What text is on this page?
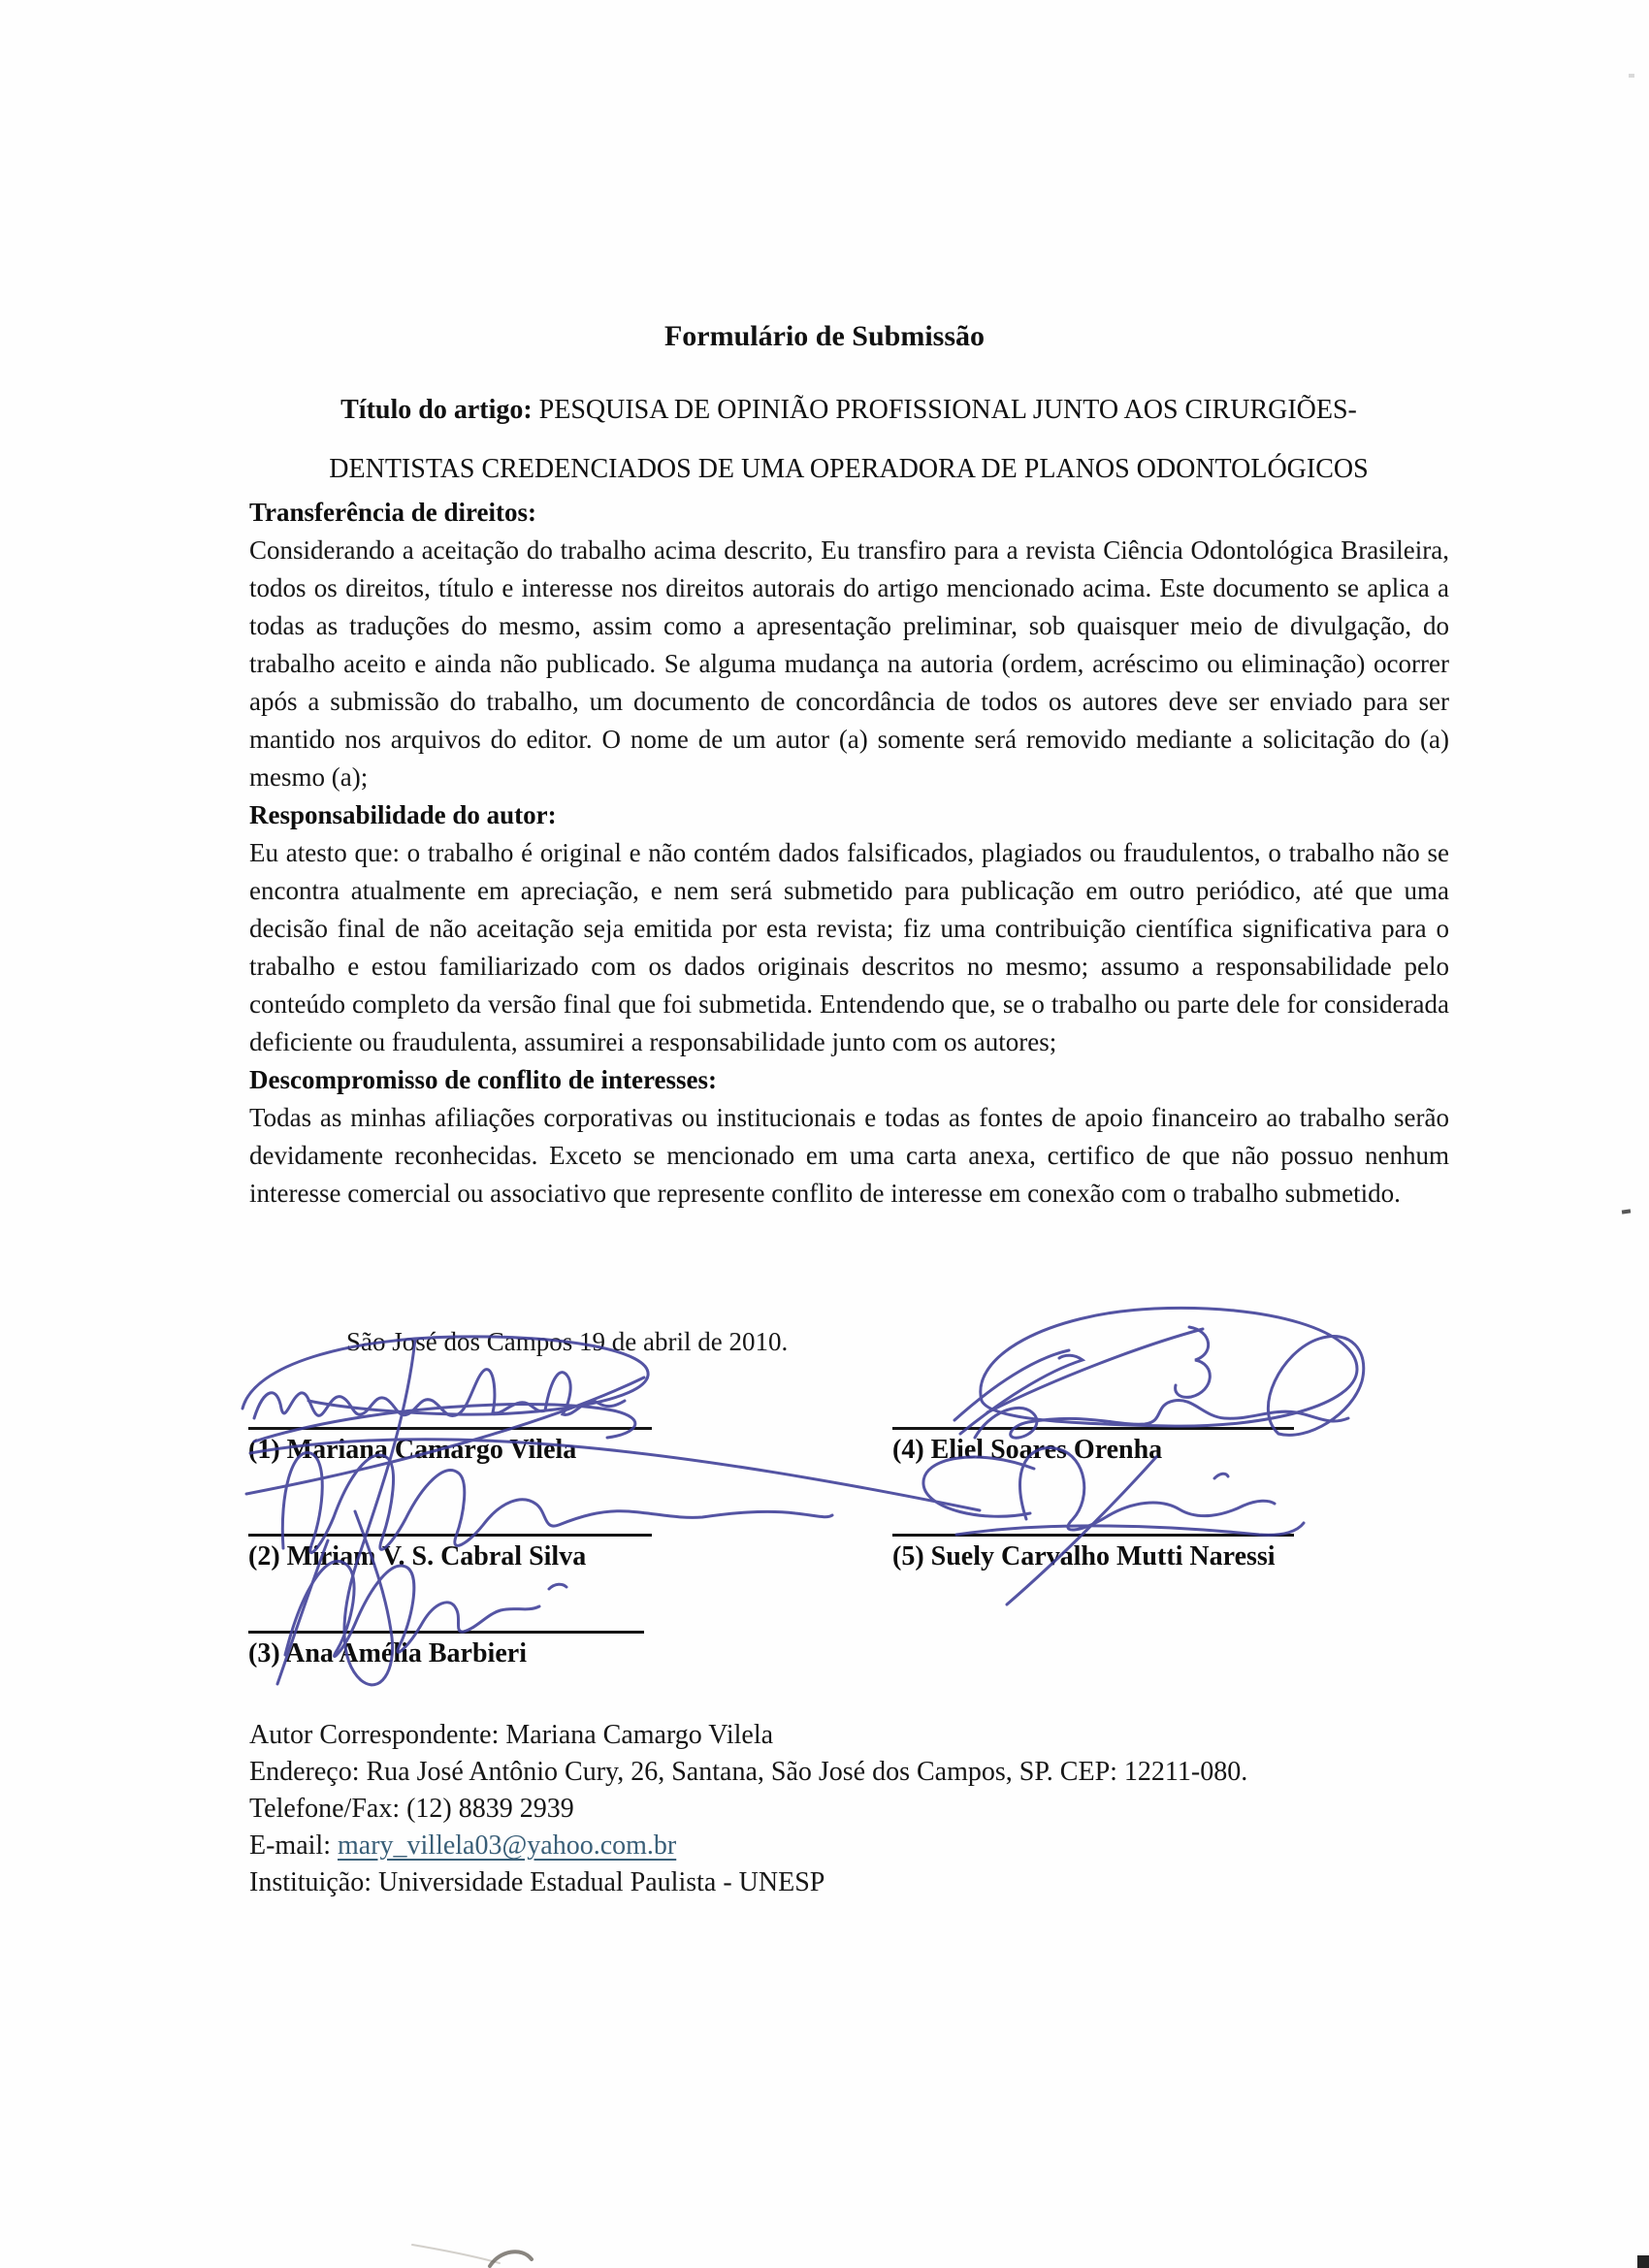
Formulário de Submissão
Título do artigo: PESQUISA DE OPINIÃO PROFISSIONAL JUNTO AOS CIRURGIÕES-
DENTISTAS CREDENCIADOS DE UMA OPERADORA DE PLANOS ODONTOLÓGICOS
Transferência de direitos:
Considerando a aceitação do trabalho acima descrito, Eu transfiro para a revista Ciência Odontológica Brasileira, todos os direitos, título e interesse nos direitos autorais do artigo mencionado acima. Este documento se aplica a todas as traduções do mesmo, assim como a apresentação preliminar, sob quaisquer meio de divulgação, do trabalho aceito e ainda não publicado. Se alguma mudança na autoria (ordem, acréscimo ou eliminação) ocorrer após a submissão do trabalho, um documento de concordância de todos os autores deve ser enviado para ser mantido nos arquivos do editor. O nome de um autor (a) somente será removido mediante a solicitação do (a) mesmo (a);
Responsabilidade do autor:
Eu atesto que: o trabalho é original e não contém dados falsificados, plagiados ou fraudulentos, o trabalho não se encontra atualmente em apreciação, e nem será submetido para publicação em outro periódico, até que uma decisão final de não aceitação seja emitida por esta revista; fiz uma contribuição científica significativa para o trabalho e estou familiarizado com os dados originais descritos no mesmo; assumo a responsabilidade pelo conteúdo completo da versão final que foi submetida. Entendendo que, se o trabalho ou parte dele for considerada deficiente ou fraudulenta, assumirei a responsabilidade junto com os autores;
Descompromisso de conflito de interesses:
Todas as minhas afiliações corporativas ou institucionais e todas as fontes de apoio financeiro ao trabalho serão devidamente reconhecidas. Exceto se mencionado em uma carta anexa, certifico de que não possuo nenhum interesse comercial ou associativo que represente conflito de interesse em conexão com o trabalho submetido.
São José dos Campos 19 de abril de 2010.
(1) Mariana Camargo Vilela	(4) Eliel Soares Orenha
(2) Miriam V. S. Cabral Silva	(5) Suely Carvalho Mutti Naressi
(3) Ana Amélia Barbieri
Autor Correspondente: Mariana Camargo Vilela
Endereço: Rua José Antônio Cury, 26, Santana, São José dos Campos, SP. CEP: 12211-080.
Telefone/Fax: (12) 8839 2939
E-mail: mary_villela03@yahoo.com.br
Instituição: Universidade Estadual Paulista - UNESP
